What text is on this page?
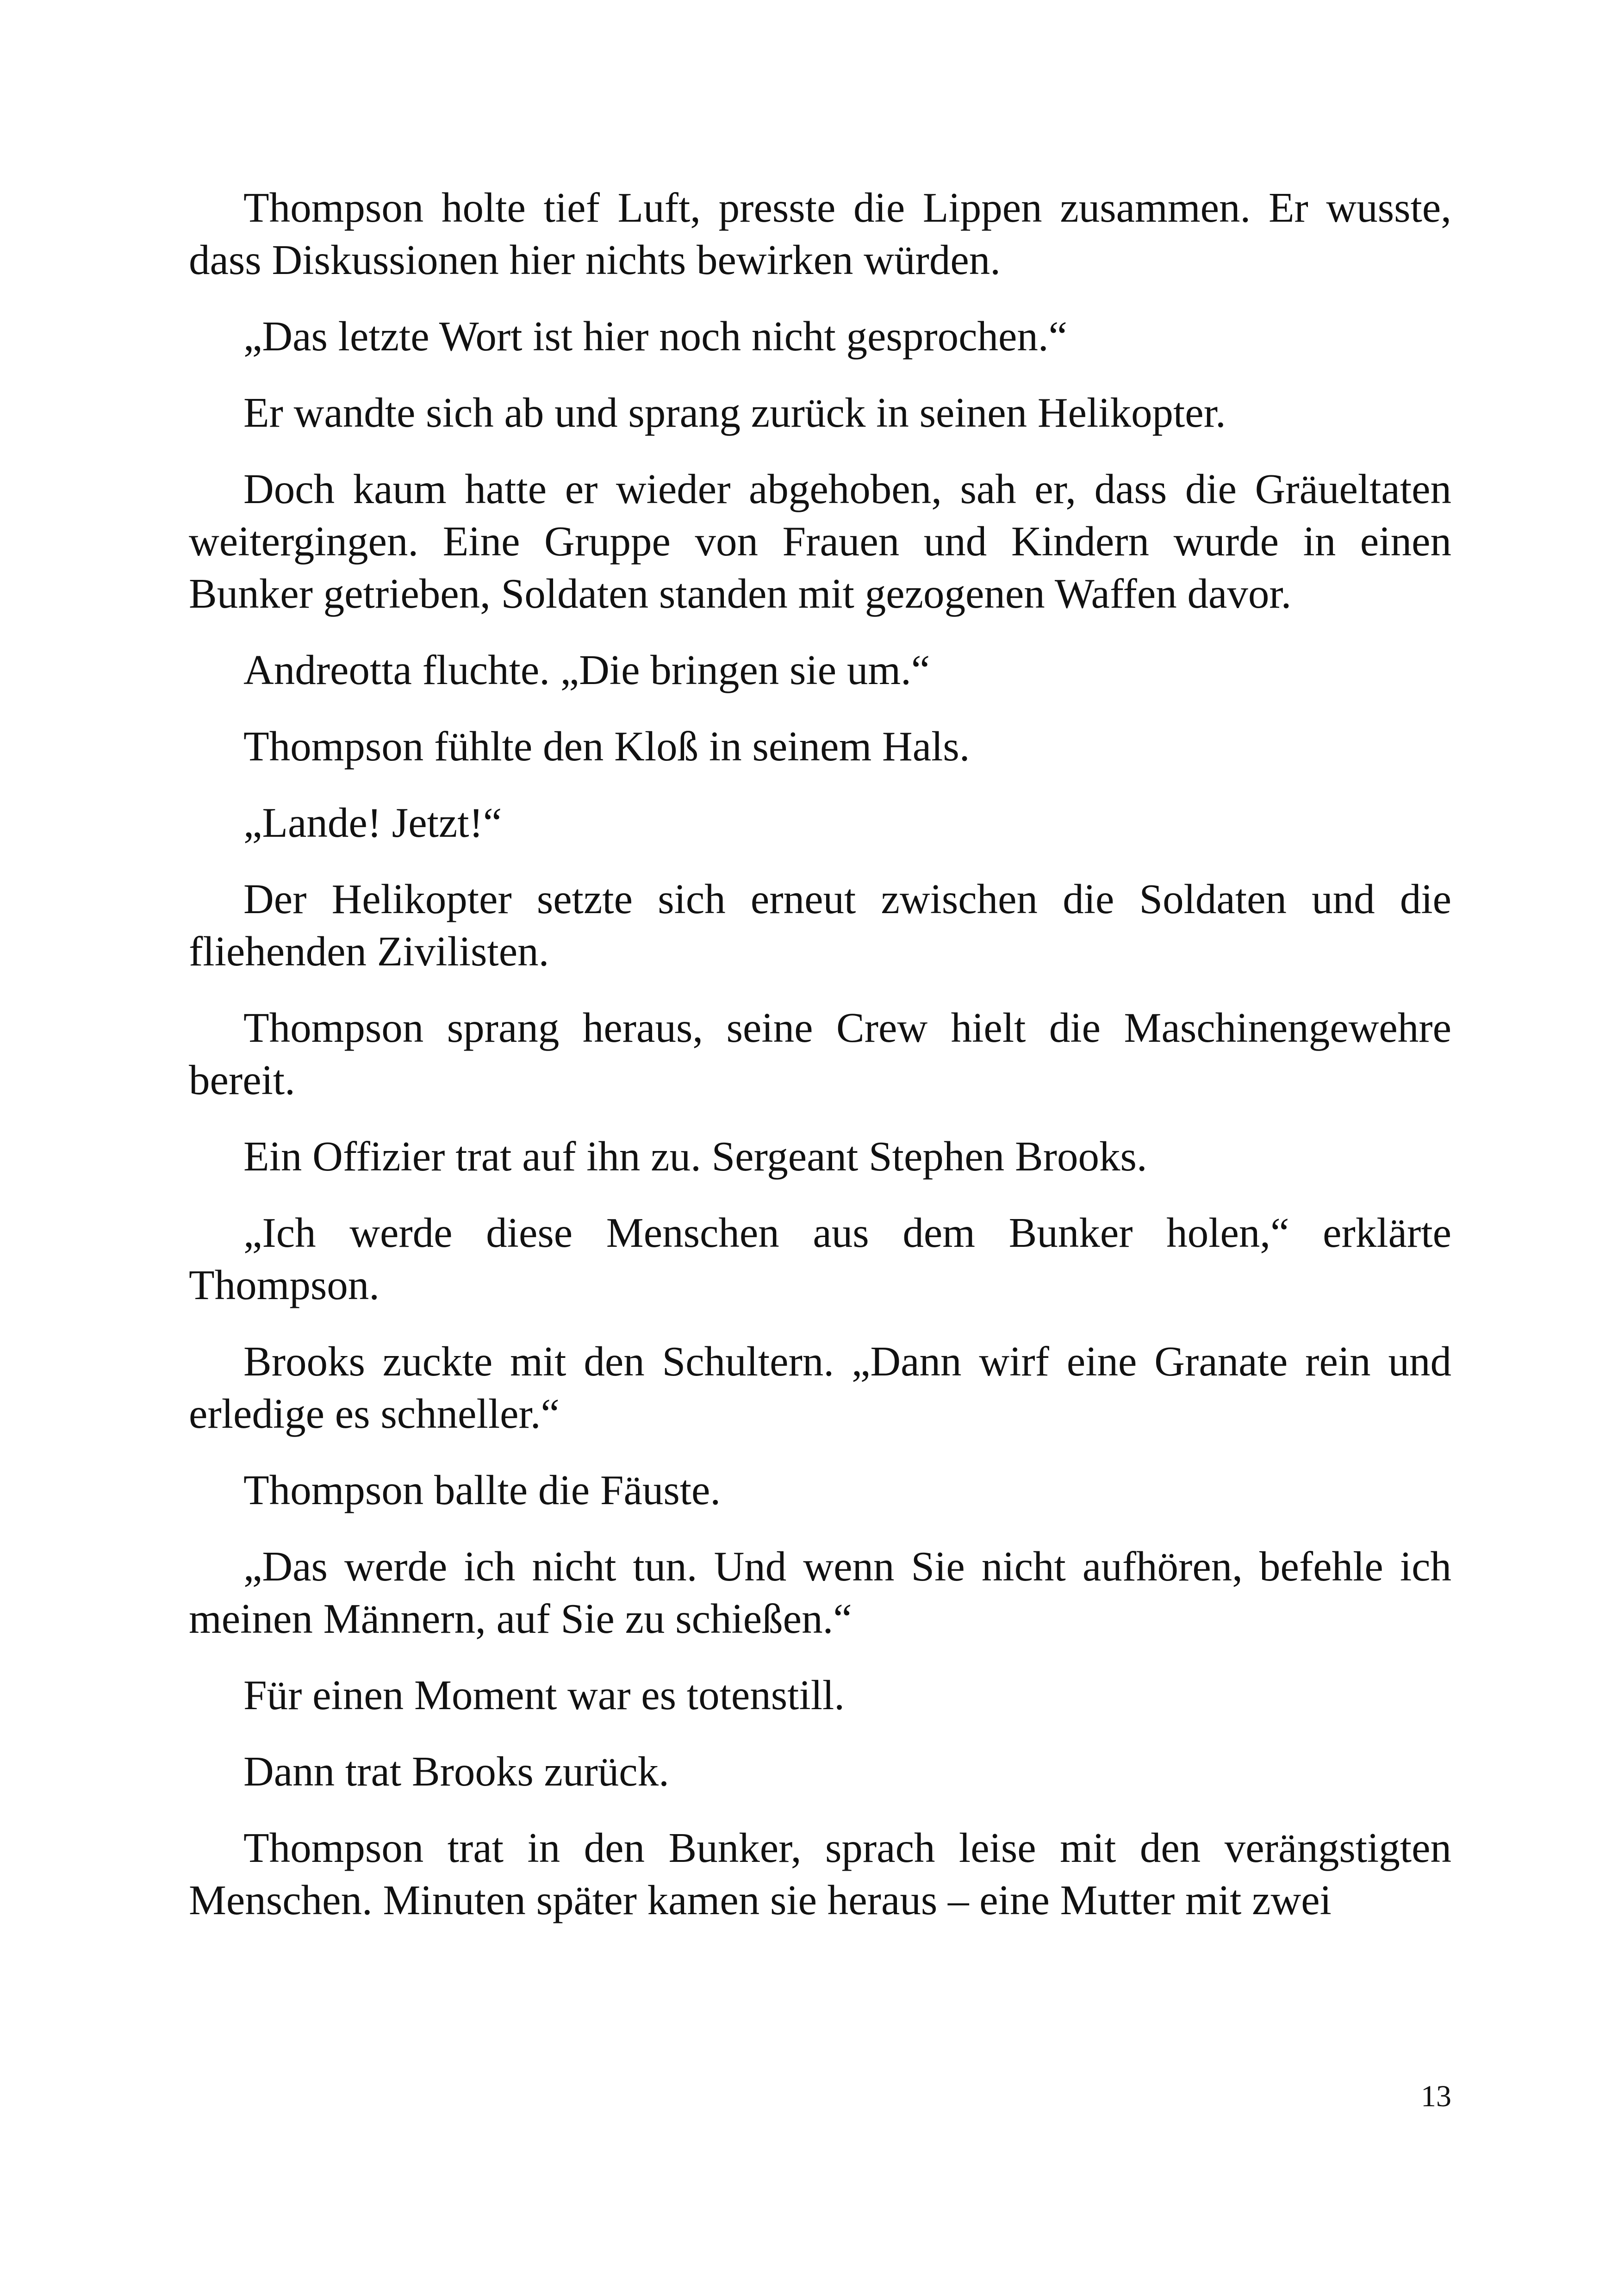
Thompson holte tief Luft, presste die Lippen zusammen. Er wusste, dass Diskussionen hier nichts bewirken würden.

„Das letzte Wort ist hier noch nicht gesprochen.“

Er wandte sich ab und sprang zurück in seinen Helikopter.

Doch kaum hatte er wieder abgehoben, sah er, dass die Gräueltaten weitergingen. Eine Gruppe von Frauen und Kindern wurde in einen Bunker getrieben, Soldaten standen mit gezogenen Waffen davor.

Andreotta fluchte. „Die bringen sie um.“

Thompson fühlte den Kloß in seinem Hals.

„Lande! Jetzt!“

Der Helikopter setzte sich erneut zwischen die Soldaten und die fliehenden Zivilisten.

Thompson sprang heraus, seine Crew hielt die Maschinengewehre bereit.

Ein Offizier trat auf ihn zu. Sergeant Stephen Brooks.

„Ich werde diese Menschen aus dem Bunker holen,“ erklärte Thompson.

Brooks zuckte mit den Schultern. „Dann wirf eine Granate rein und erledige es schneller.“

Thompson ballte die Fäuste.

„Das werde ich nicht tun. Und wenn Sie nicht aufhören, befehle ich meinen Männern, auf Sie zu schießen.“

Für einen Moment war es totenstill.

Dann trat Brooks zurück.

Thompson trat in den Bunker, sprach leise mit den verängstigten Menschen. Minuten später kamen sie heraus – eine Mutter mit zwei

13
